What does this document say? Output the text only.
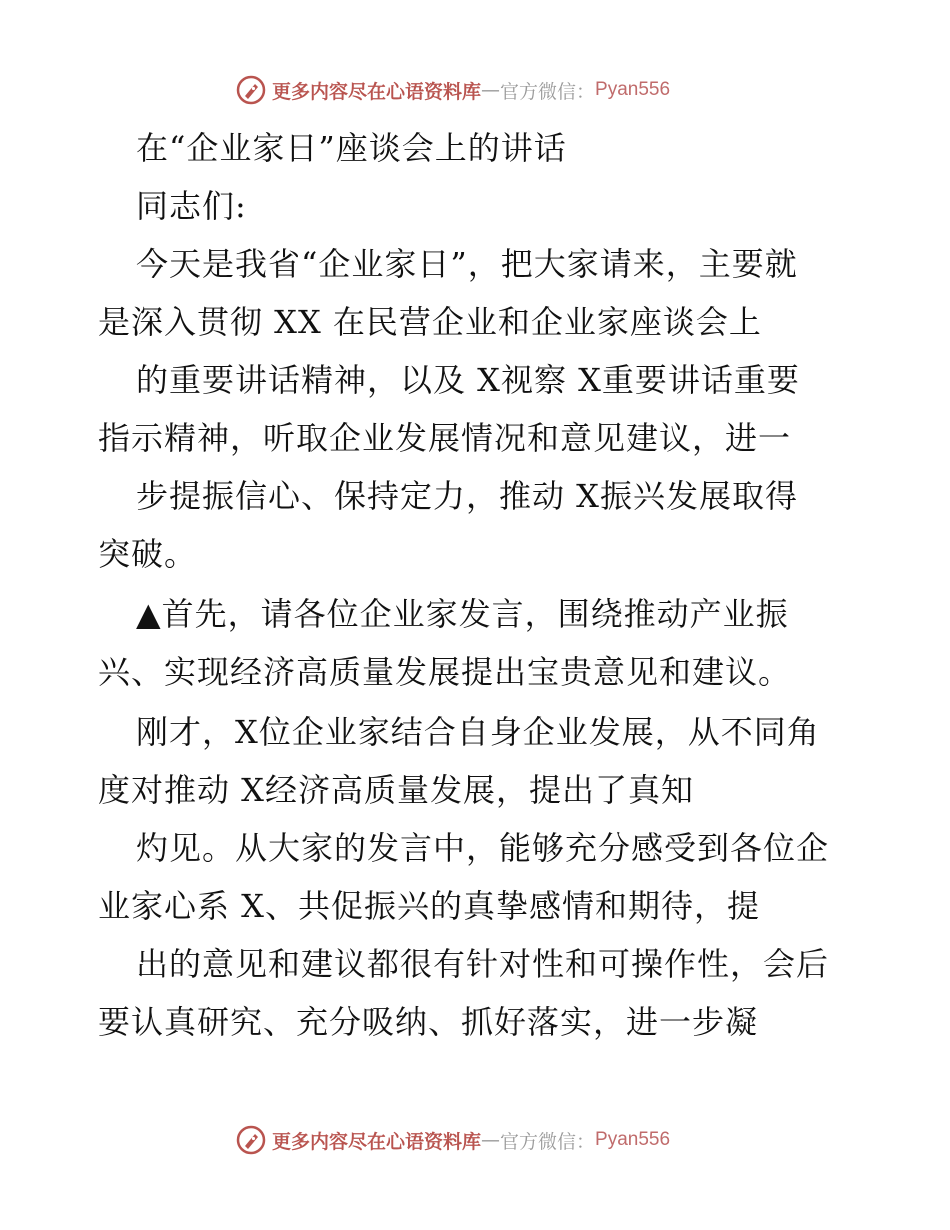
更多内容尽在心语资料库 — 官方微信： Pyan556
在“企业家日”座谈会上的讲话
同志们:
今天是我省“企业家日”，把大家请来，主要就
是深入贯彻 XX 在民营企业和企业家座谈会上
的重要讲话精神，以及 X视察 X重要讲话重要
指示精神，听取企业发展情况和意见建议，进一
步提振信心、保持定力，推动 X振兴发展取得
突破。
▲首先，请各位企业家发言，围绕推动产业振
兴、实现经济高质量发展提出宝贵意见和建议。
刚才，X位企业家结合自身企业发展，从不同角
度对推动 X经济高质量发展，提出了真知
灼见。从大家的发言中，能够充分感受到各位企
业家心系 X、共促振兴的真挚感情和期待，提
出的意见和建议都很有针对性和可操作性，会后
要认真研究、充分吸纳、抓好落实，进一步凝
更多内容尽在心语资料库 — 官方微信： Pyan556
